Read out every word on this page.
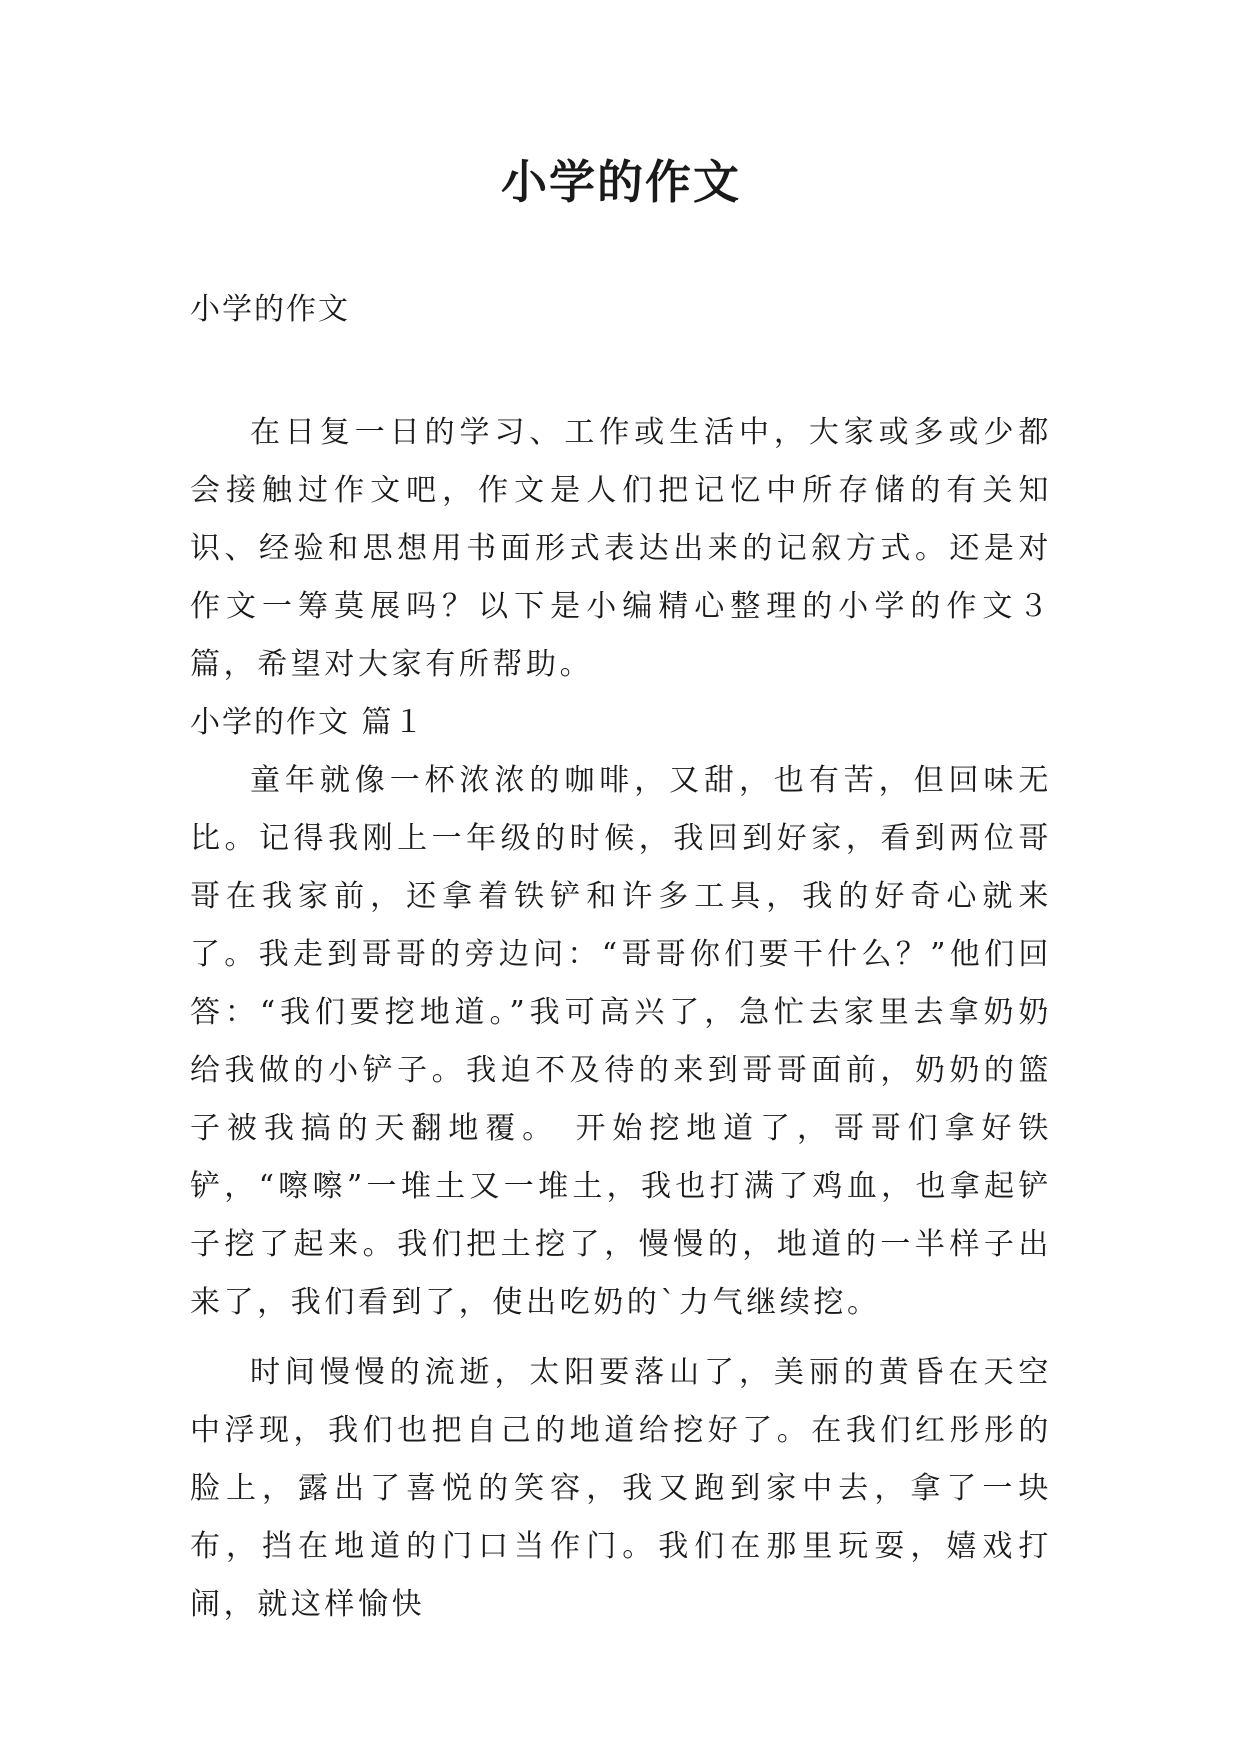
小学的作文

小学的作文

在日复一日的学习、工作或生活中，大家或多或少都会接触过作文吧，作文是人们把记忆中所存储的有关知识、经验和思想用书面形式表达出来的记叙方式。还是对作文一筹莫展吗？以下是小编精心整理的小学的作文３篇，希望对大家有所帮助。

小学的作文 篇１

童年就像一杯浓浓的咖啡，又甜，也有苦，但回味无比。记得我刚上一年级的时候，我回到好家，看到两位哥哥在我家前，还拿着铁铲和许多工具，我的好奇心就来了。我走到哥哥的旁边问：“哥哥你们要干什么？”他们回答：“我们要挖地道。”我可高兴了，急忙去家里去拿奶奶给我做的小铲子。我迫不及待的来到哥哥面前，奶奶的篮子被我搞的天翻地覆。 开始挖地道了，哥哥们拿好铁铲，“嚓嚓”一堆土又一堆土，我也打满了鸡血，也拿起铲子挖了起来。我们把土挖了，慢慢的，地道的一半样子出来了，我们看到了，使出吃奶的`力气继续挖。

时间慢慢的流逝，太阳要落山了，美丽的黄昏在天空中浮现，我们也把自己的地道给挖好了。在我们红彤彤的脸上，露出了喜悦的笑容，我又跑到家中去，拿了一块布，挡在地道的门口当作门。我们在那里玩耍，嬉戏打闹，就这样愉快
